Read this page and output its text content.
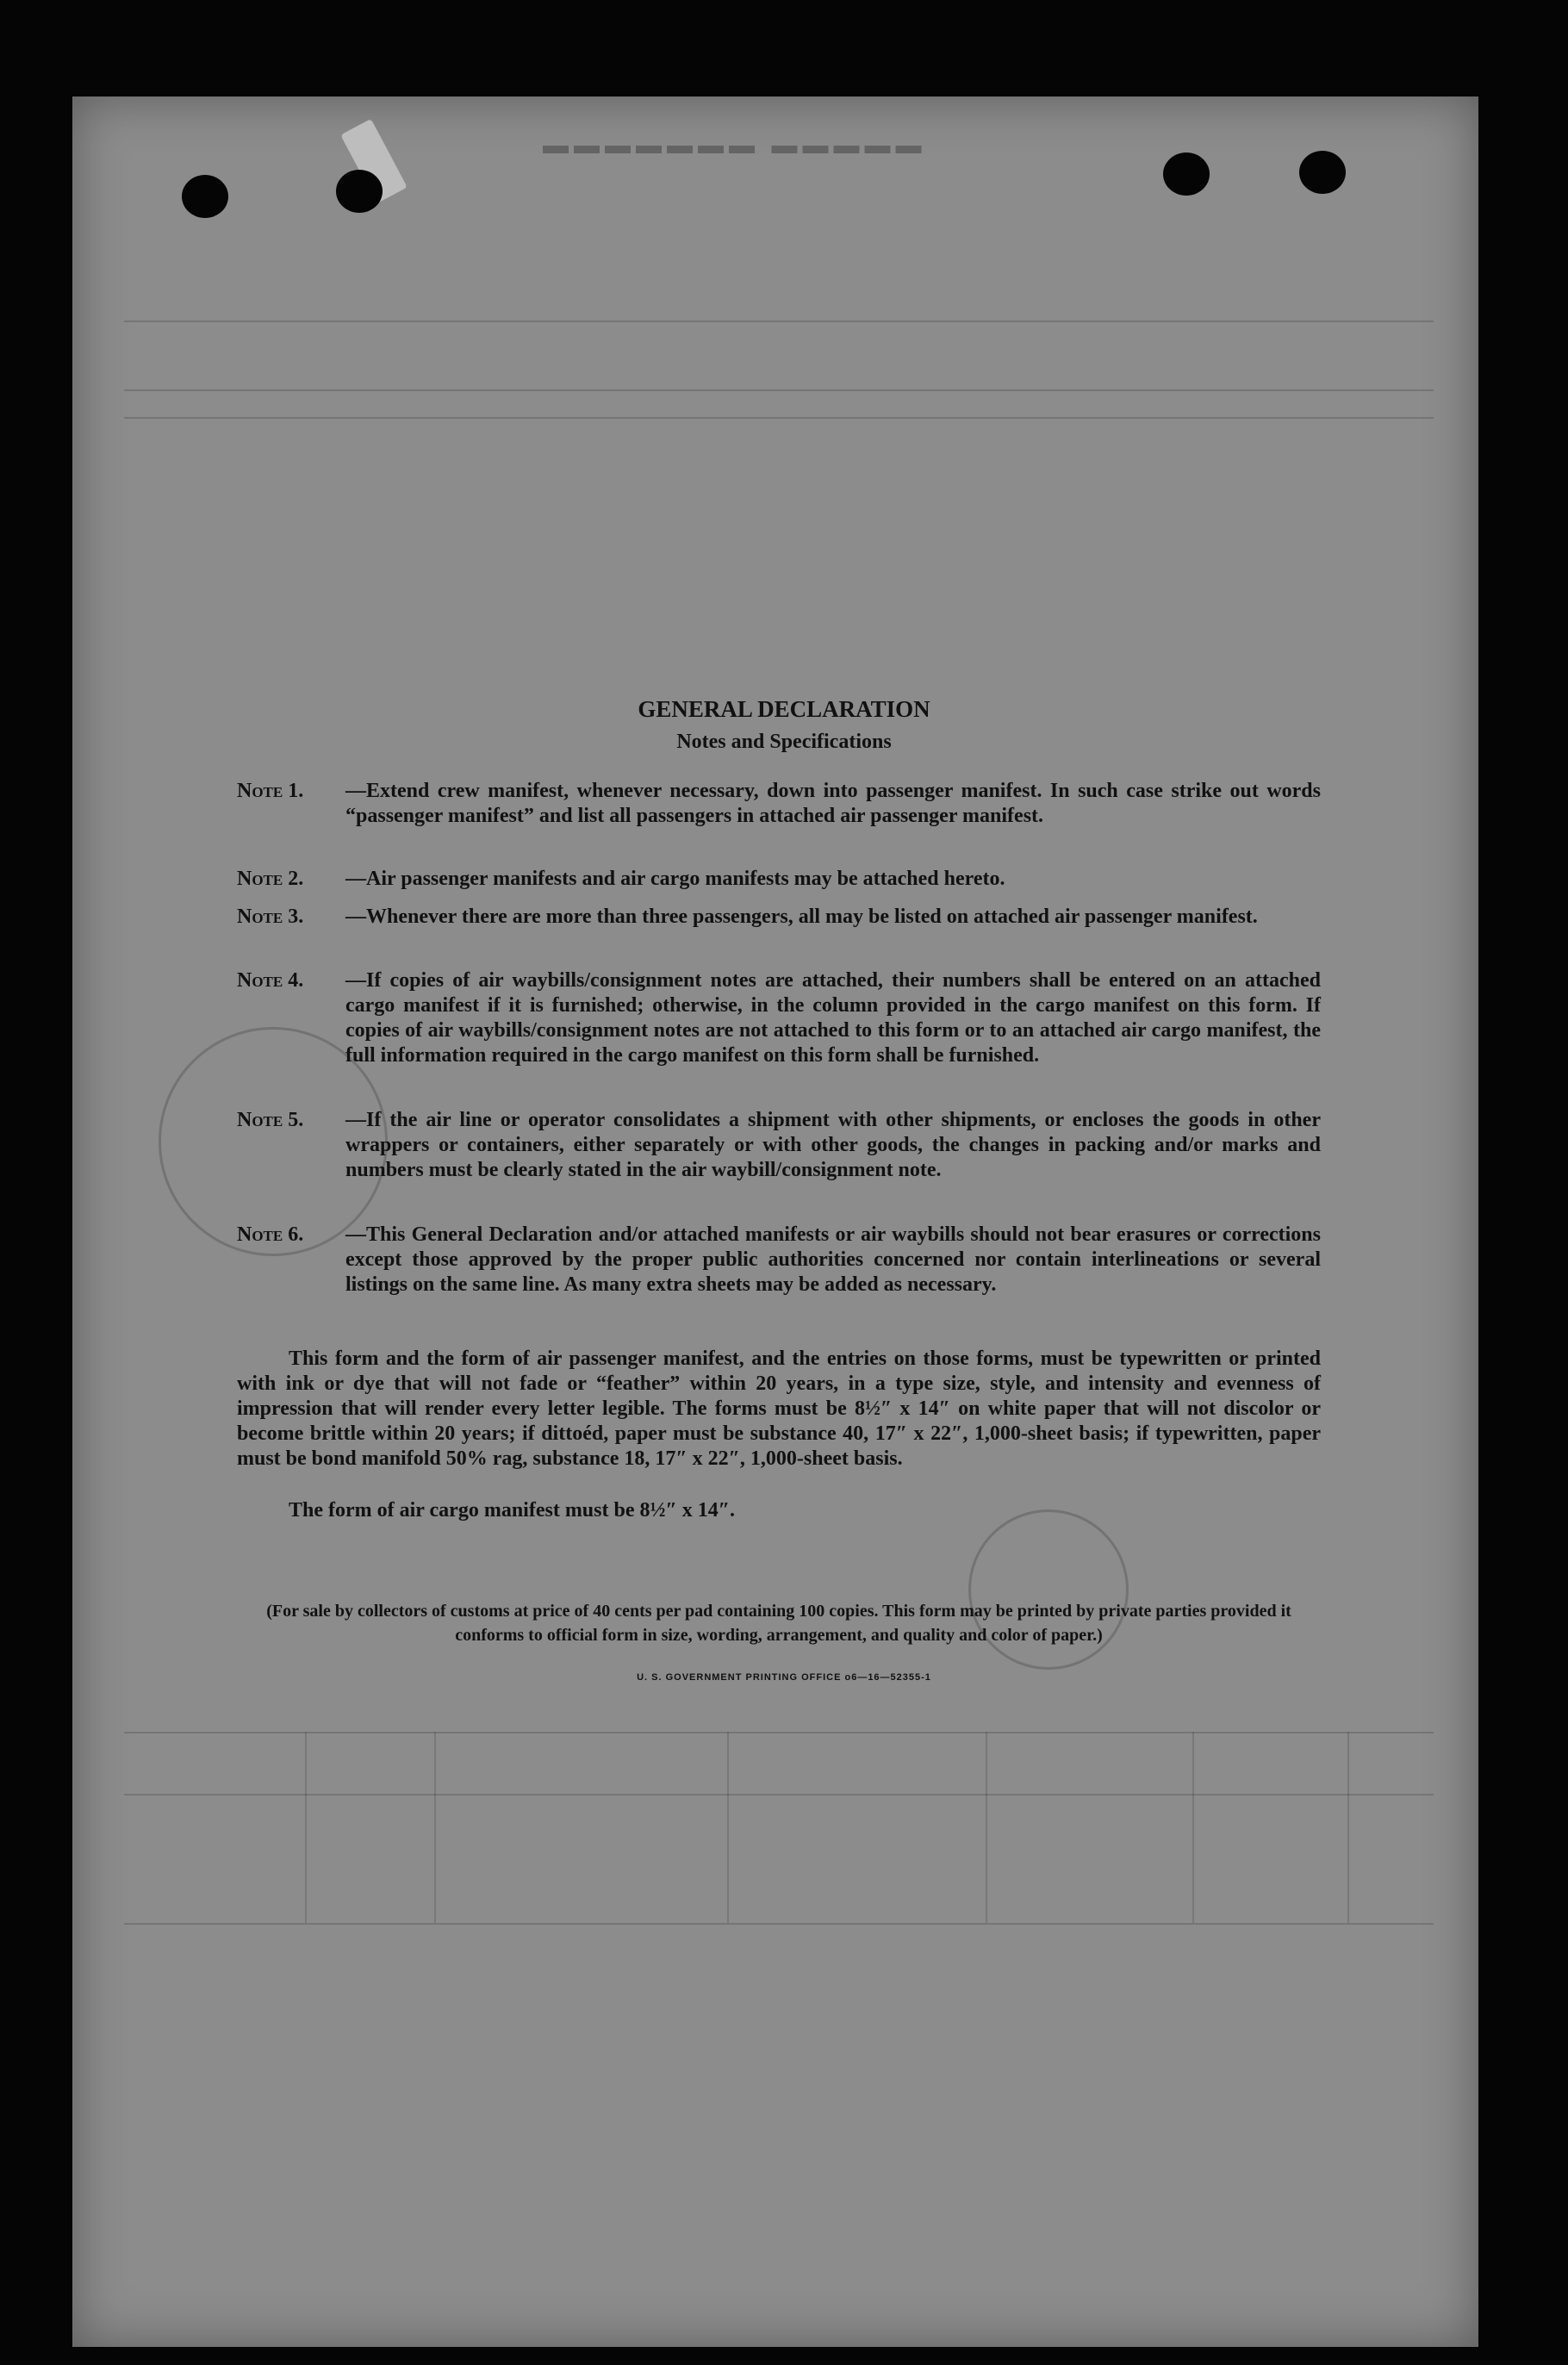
▬▬▬▬▬ ▬▬▬▬▬▬▬
GENERAL DECLARATION
Notes and Specifications
Note 1.	—Extend crew manifest, whenever necessary, down into passenger manifest. In such case strike out words “passenger manifest” and list all passengers in attached air passenger manifest.
Note 2.	—Air passenger manifests and air cargo manifests may be attached hereto.
Note 3.	—Whenever there are more than three passengers, all may be listed on attached air passenger manifest.
Note 4.	—If copies of air waybills/consignment notes are attached, their numbers shall be entered on an attached cargo manifest if it is furnished; otherwise, in the column provided in the cargo manifest on this form. If copies of air waybills/consignment notes are not attached to this form or to an attached air cargo manifest, the full information required in the cargo manifest on this form shall be furnished.
Note 5.	—If the air line or operator consolidates a shipment with other shipments, or encloses the goods in other wrappers or containers, either separately or with other goods, the changes in packing and/or marks and numbers must be clearly stated in the air waybill/consignment note.
Note 6.	—This General Declaration and/or attached manifests or air waybills should not bear erasures or corrections except those approved by the proper public authorities concerned nor contain interlineations or several listings on the same line. As many extra sheets may be added as necessary.
This form and the form of air passenger manifest, and the entries on those forms, must be typewritten or printed with ink or dye that will not fade or “feather” within 20 years, in a type size, style, and intensity and evenness of impression that will render every letter legible. The forms must be 8½″ x 14″ on white paper that will not discolor or become brittle within 20 years; if dittoéd, paper must be substance 40, 17″ x 22″, 1,000-sheet basis; if typewritten, paper must be bond manifold 50% rag, substance 18, 17″ x 22″, 1,000-sheet basis.
The form of air cargo manifest must be 8½″ x 14″.
(For sale by collectors of customs at price of 40 cents per pad containing 100 copies. This form may be printed by private parties provided it conforms to official form in size, wording, arrangement, and quality and color of paper.)
U. S. GOVERNMENT PRINTING OFFICE o6—16—52355-1
